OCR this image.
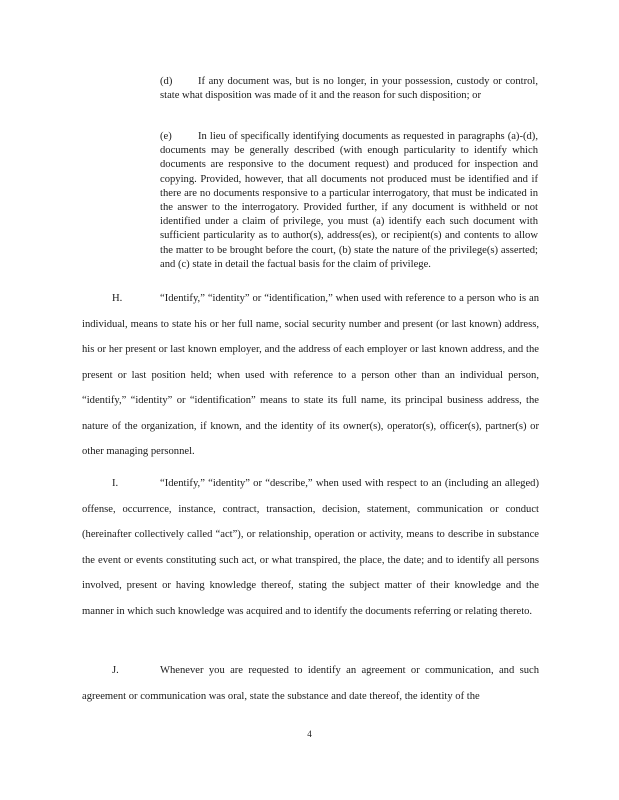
(d) If any document was, but is no longer, in your possession, custody or control, state what disposition was made of it and the reason for such disposition; or
(e) In lieu of specifically identifying documents as requested in paragraphs (a)-(d), documents may be generally described (with enough particularity to identify which documents are responsive to the document request) and produced for inspection and copying. Provided, however, that all documents not produced must be identified and if there are no documents responsive to a particular interrogatory, that must be indicated in the answer to the interrogatory. Provided further, if any document is withheld or not identified under a claim of privilege, you must (a) identify each such document with sufficient particularity as to author(s), address(es), or recipient(s) and contents to allow the matter to be brought before the court, (b) state the nature of the privilege(s) asserted; and (c) state in detail the factual basis for the claim of privilege.
H.	“Identify,” “identity” or “identification,” when used with reference to a person who is an individual, means to state his or her full name, social security number and present (or last known) address, his or her present or last known employer, and the address of each employer or last known address, and the present or last position held; when used with reference to a person other than an individual person, “identify,” “identity” or “identification” means to state its full name, its principal business address, the nature of the organization, if known, and the identity of its owner(s), operator(s), officer(s), partner(s) or other managing personnel.
I.	“Identify,” “identity” or “describe,” when used with respect to an (including an alleged) offense, occurrence, instance, contract, transaction, decision, statement, communication or conduct (hereinafter collectively called “act”), or relationship, operation or activity, means to describe in substance the event or events constituting such act, or what transpired, the place, the date; and to identify all persons involved, present or having knowledge thereof, stating the subject matter of their knowledge and the manner in which such knowledge was acquired and to identify the documents referring or relating thereto.
J.	Whenever you are requested to identify an agreement or communication, and such agreement or communication was oral, state the substance and date thereof, the identity of the
4
